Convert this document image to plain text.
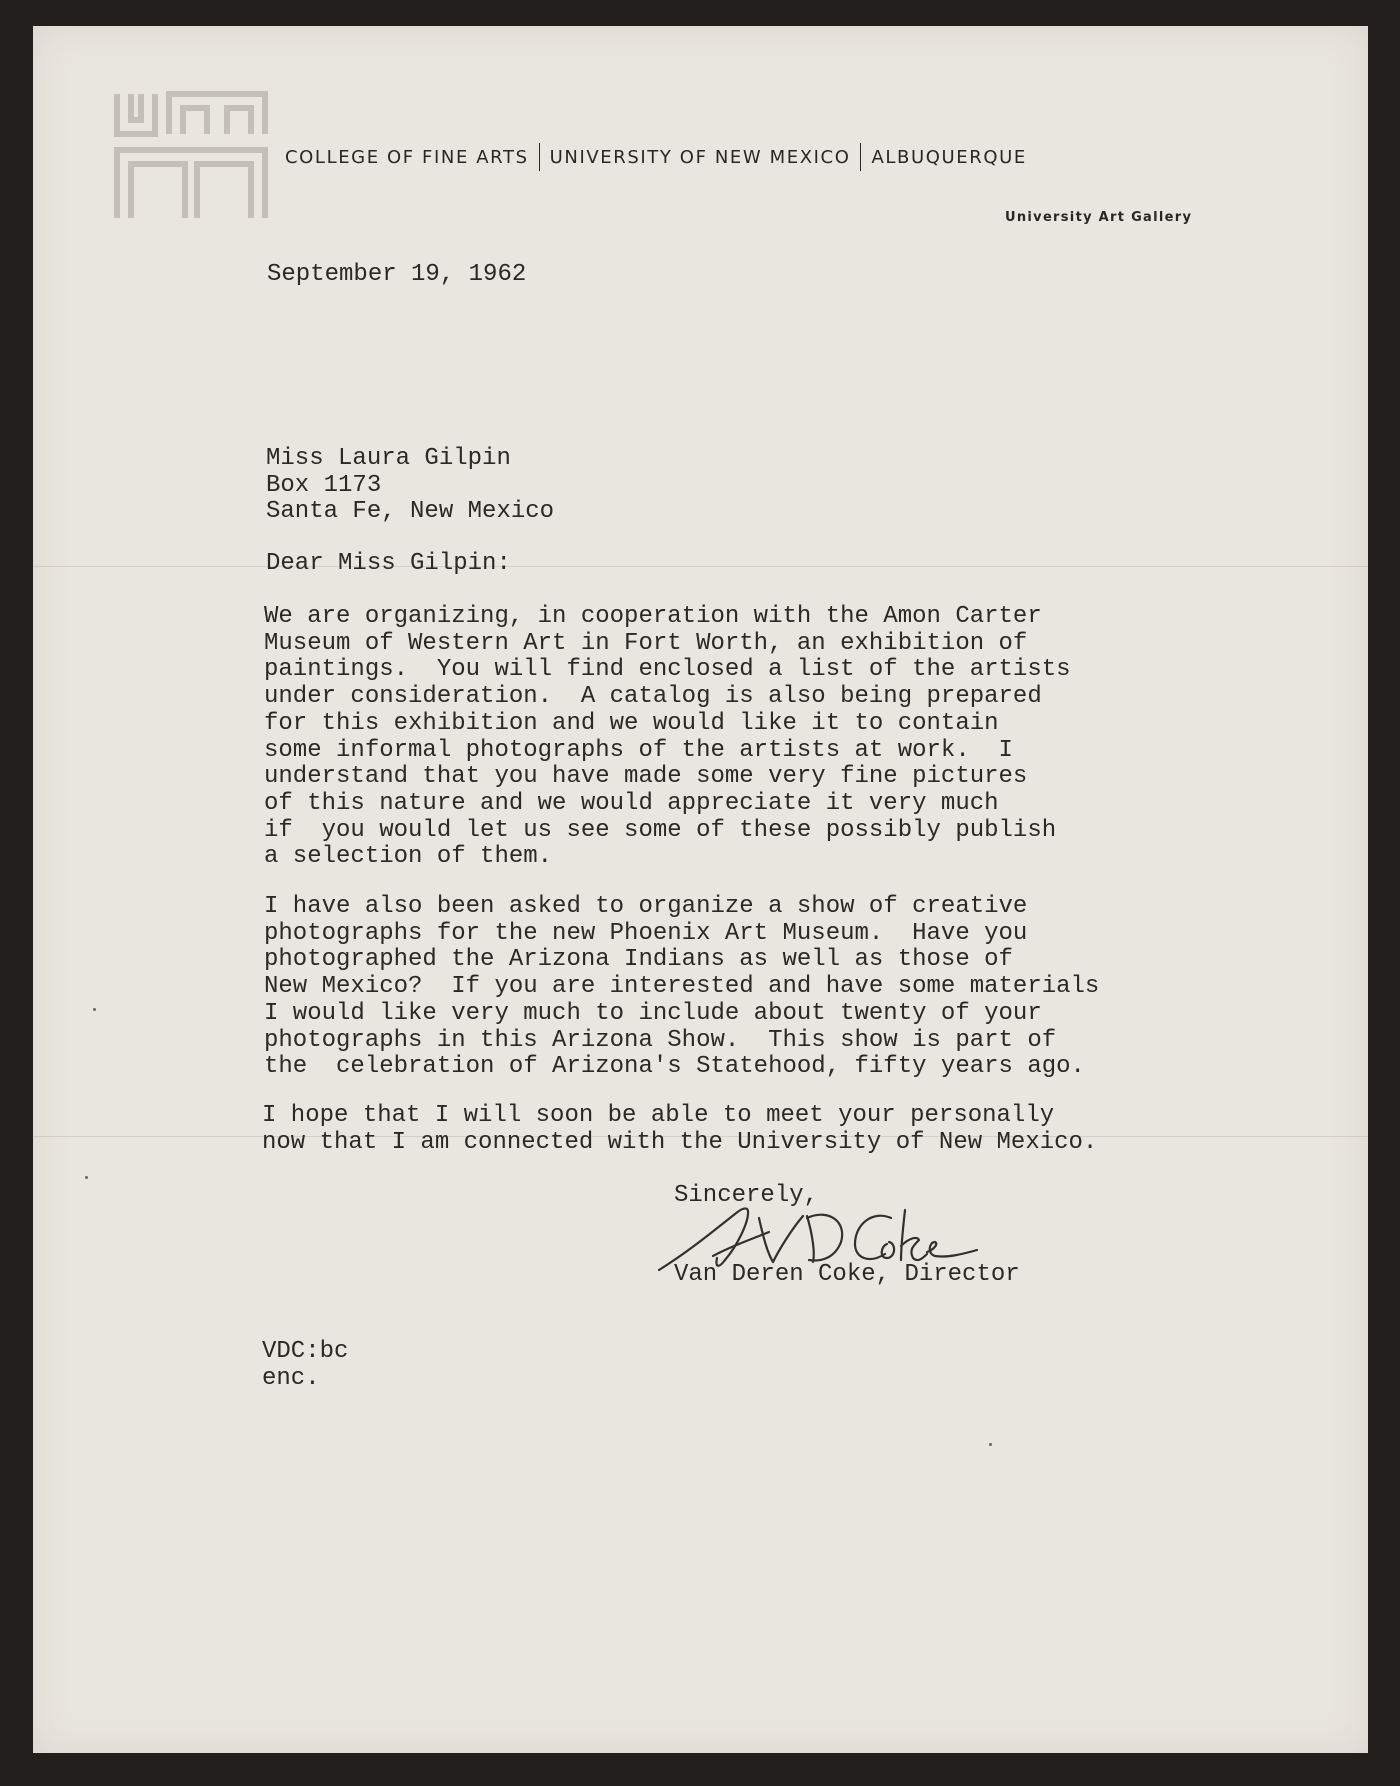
COLLEGE OF FINE ARTS UNIVERSITY OF NEW MEXICO ALBUQUERQUE
University Art Gallery
September 19, 1962
Miss Laura Gilpin
Box 1173
Santa Fe, New Mexico
Dear Miss Gilpin:
We are organizing, in cooperation with the Amon Carter
Museum of Western Art in Fort Worth, an exhibition of
paintings.  You will find enclosed a list of the artists
under consideration.  A catalog is also being prepared
for this exhibition and we would like it to contain
some informal photographs of the artists at work.  I
understand that you have made some very fine pictures
of this nature and we would appreciate it very much
if  you would let us see some of these possibly publish
a selection of them.
I have also been asked to organize a show of creative
photographs for the new Phoenix Art Museum.  Have you
photographed the Arizona Indians as well as those of
New Mexico?  If you are interested and have some materials
I would like very much to include about twenty of your
photographs in this Arizona Show.  This show is part of
the  celebration of Arizona's Statehood, fifty years ago.
I hope that I will soon be able to meet your personally
now that I am connected with the University of New Mexico.
Sincerely,
Van Deren Coke, Director
VDC:bc
enc.
